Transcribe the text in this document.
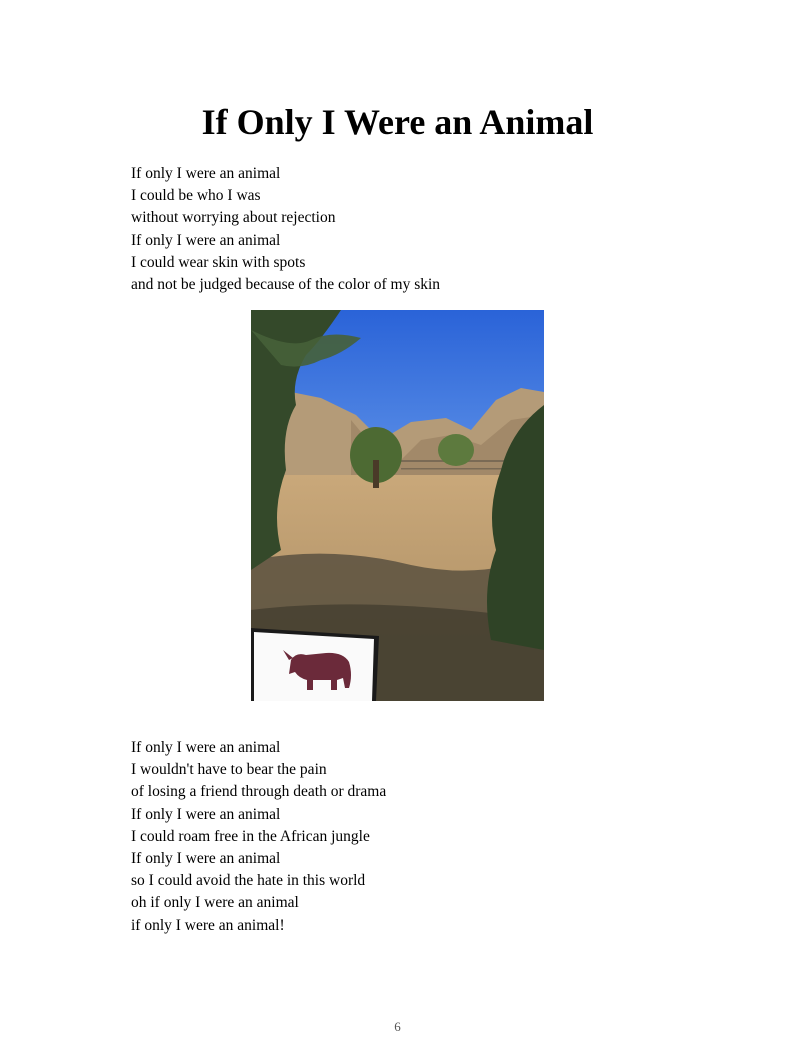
If Only I Were an Animal
If only I were an animal
I could be who I was
without worrying about rejection
If only I were an animal
I could wear skin with spots
and not be judged because of the color of my skin
If only I were an animal
I wouldn't have to bear the pain
of losing a friend through death or drama
If only I were an animal
I could roam free in the African jungle
If only I were an animal
so I could avoid the hate in this world
oh if only I were an animal
if only I were an animal!
6
